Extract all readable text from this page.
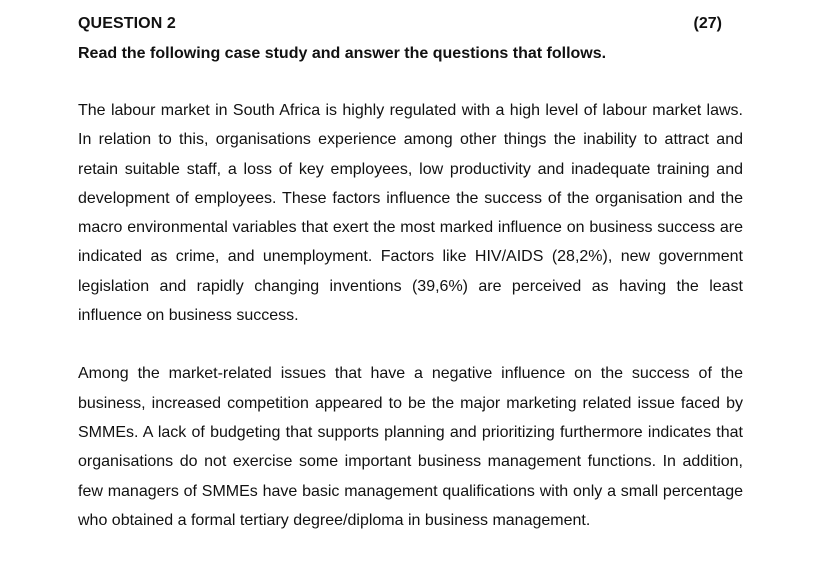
QUESTION 2	(27)
Read the following case study and answer the questions that follows.

The labour market in South Africa is highly regulated with a high level of labour market laws. In relation to this, organisations experience among other things the inability to attract and retain suitable staff, a loss of key employees, low productivity and inadequate training and development of employees. These factors influence the success of the organisation and the macro environmental variables that exert the most marked influence on business success are indicated as crime, and unemployment. Factors like HIV/AIDS (28,2%), new government legislation and rapidly changing inventions (39,6%) are perceived as having the least influence on business success.

Among the market-related issues that have a negative influence on the success of the business, increased competition appeared to be the major marketing related issue faced by SMMEs. A lack of budgeting that supports planning and prioritizing furthermore indicates that organisations do not exercise some important business management functions. In addition, few managers of SMMEs have basic management qualifications with only a small percentage who obtained a formal tertiary degree/diploma in business management.
